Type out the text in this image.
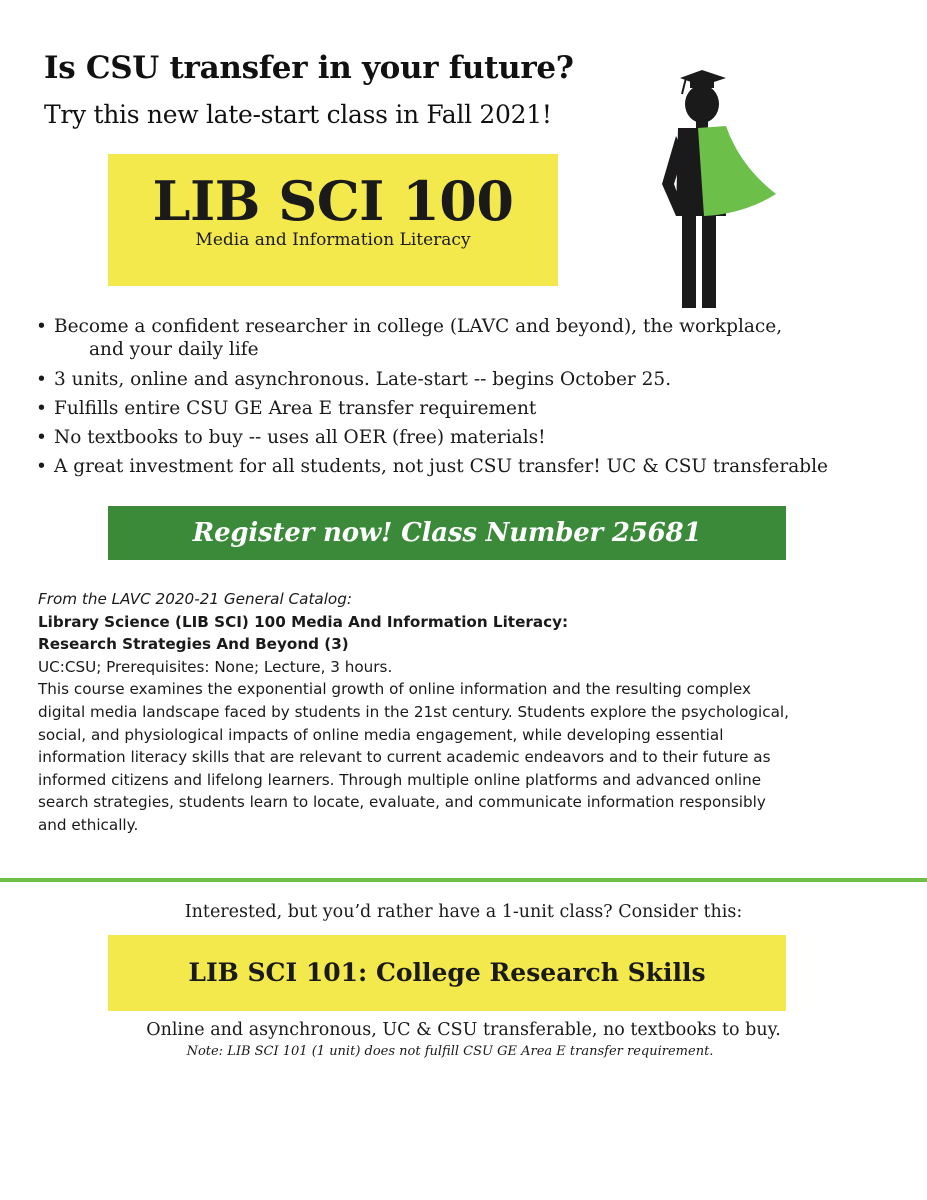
Is CSU transfer in your future?

Try this new late-start class in Fall 2021!

LIB SCI 100
Media and Information Literacy
• Become a confident researcher in college (LAVC and beyond), the workplace,
and your daily life
• 3 units, online and asynchronous. Late-start -- begins October 25.
• Fulfills entire CSU GE Area E transfer requirement
• No textbooks to buy -- uses all OER (free) materials!
• A great investment for all students, not just CSU transfer! UC & CSU transferable
Register now! Class Number 25681
From the LAVC 2020-21 General Catalog:
Library Science (LIB SCI) 100 Media And Information Literacy:
Research Strategies And Beyond (3)
UC:CSU; Prerequisites: None; Lecture, 3 hours.
This course examines the exponential growth of online information and the resulting complex
digital media landscape faced by students in the 21st century. Students explore the psychological,
social, and physiological impacts of online media engagement, while developing essential
information literacy skills that are relevant to current academic endeavors and to their future as
informed citizens and lifelong learners. Through multiple online platforms and advanced online
search strategies, students learn to locate, evaluate, and communicate information responsibly
and ethically.
Interested, but you’d rather have a 1-unit class? Consider this:
LIB SCI 101: College Research Skills
Online and asynchronous, UC & CSU transferable, no textbooks to buy.
Note: LIB SCI 101 (1 unit) does not fulfill CSU GE Area E transfer requirement.
